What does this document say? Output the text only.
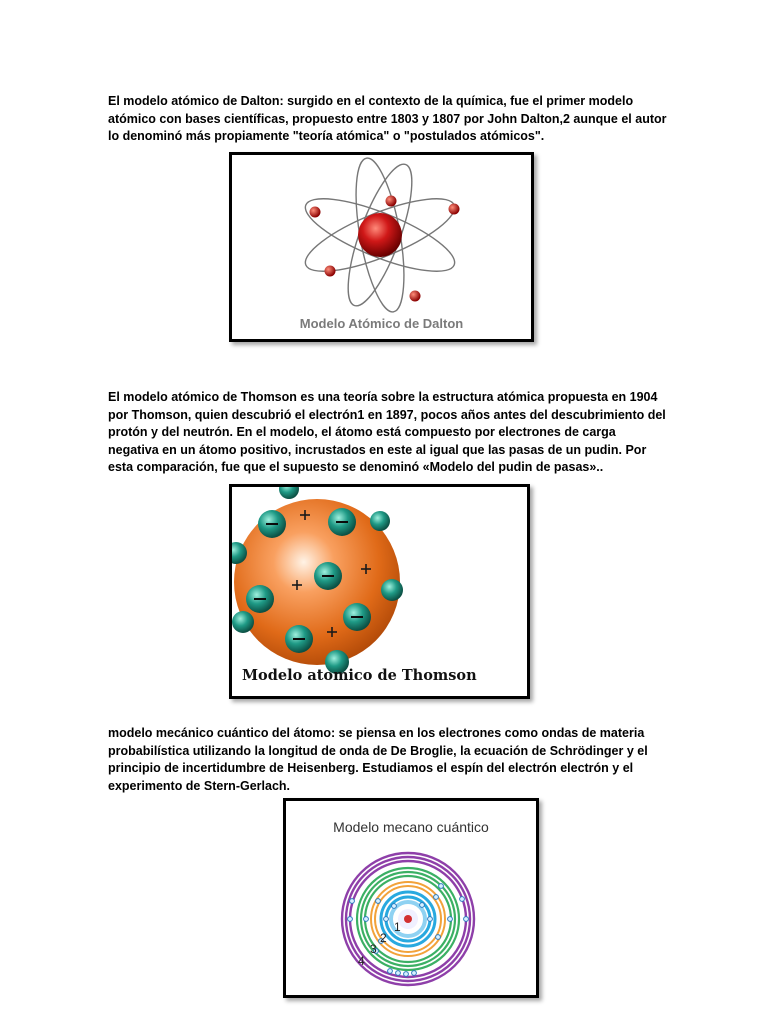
El modelo atómico de Dalton: surgido en el contexto de la química, fue el primer modelo atómico con bases científicas, propuesto entre 1803 y 1807 por John Dalton,2 aunque el autor lo denominó más propiamente "teoría atómica" o "postulados atómicos".

Modelo Atómico de Dalton

El modelo atómico de Thomson es una teoría sobre la estructura atómica propuesta en 1904 por Thomson, quien descubrió el electrón1 en 1897, pocos años antes del descubrimiento del protón y del neutrón. En el modelo, el átomo está compuesto por electrones de carga negativa en un átomo positivo, incrustados en este al igual que las pasas de un pudin. Por esta comparación, fue que el supuesto se denominó «Modelo del pudin de pasas»..

Modelo atomico de Thomson

modelo mecánico cuántico del átomo: se piensa en los electrones como ondas de materia probabilística utilizando la longitud de onda de De Broglie, la ecuación de Schrödinger y el principio de incertidumbre de Heisenberg. Estudiamos el espín del electrón electrón y el experimento de Stern-Gerlach.

Modelo mecano cuántico
1
2
3
4
